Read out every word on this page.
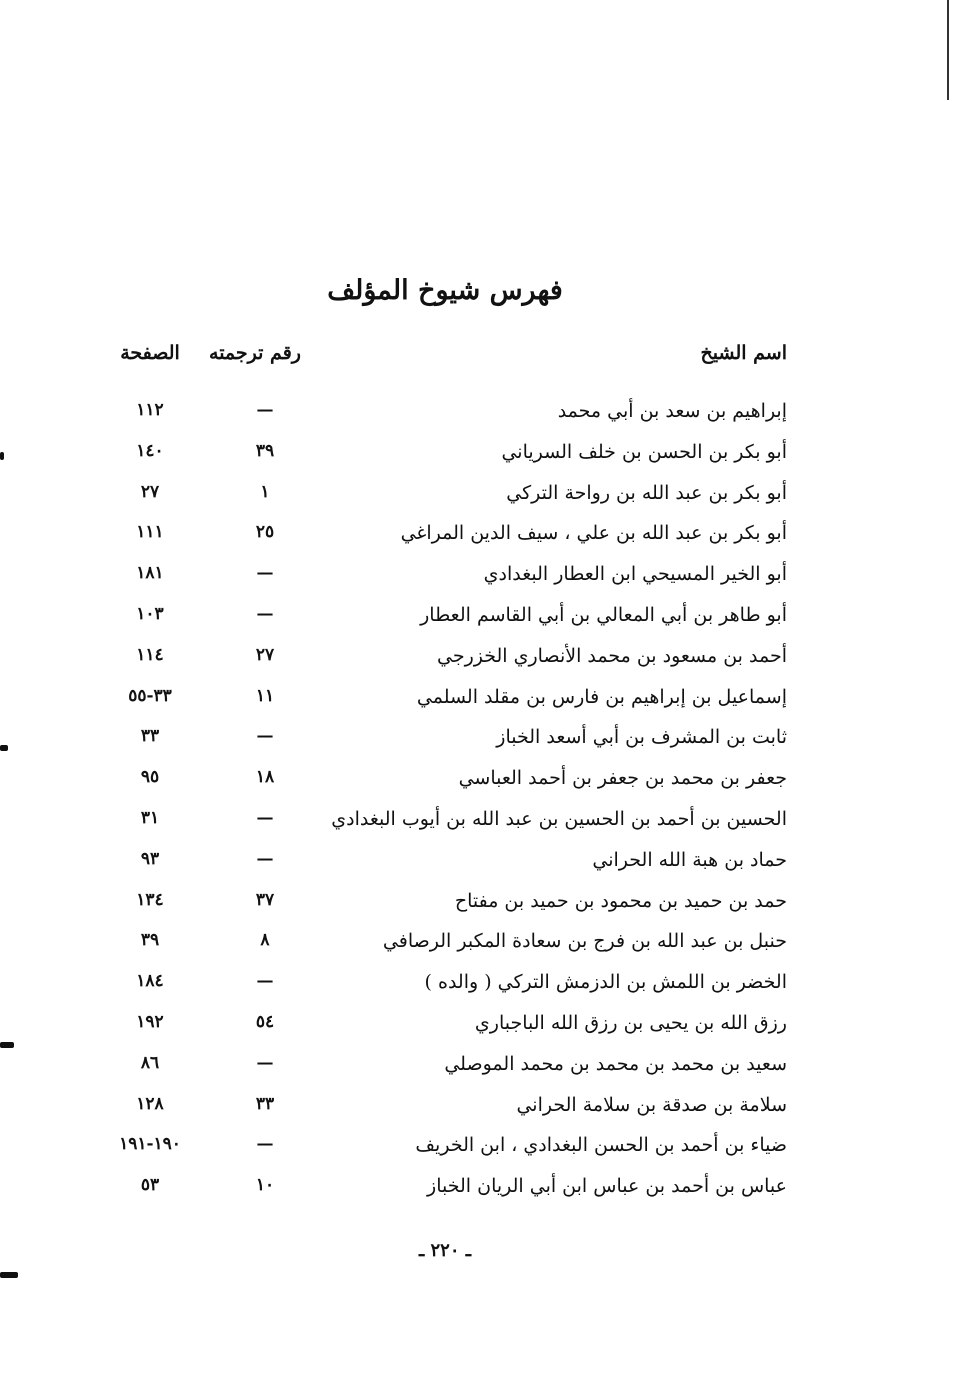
فهرس شيوخ المؤلف
اسم الشيخ
رقم ترجمته
الصفحة
إبراهيم بن سعد بن أبي محمد
—
١١٢
أبو بكر بن الحسن بن خلف السرياني
٣٩
١٤٠
أبو بكر بن عبد الله بن رواحة التركي
١
٢٧
أبو بكر بن عبد الله بن علي ، سيف الدين المراغي
٢٥
١١١
أبو الخير المسيحي ابن العطار البغدادي
—
١٨١
أبو طاهر بن أبي المعالي بن أبي القاسم العطار
—
١٠٣
أحمد بن مسعود بن محمد الأنصاري الخزرجي
٢٧
١١٤
إسماعيل بن إبراهيم بن فارس بن مقلد السلمي
١١
٣٣-٥٥
ثابت بن المشرف بن أبي أسعد الخباز
—
٣٣
جعفر بن محمد بن جعفر بن أحمد العباسي
١٨
٩٥
الحسين بن أحمد بن الحسين بن عبد الله بن أيوب البغدادي
—
٣١
حماد بن هبة الله الحراني
—
٩٣
حمد بن حميد بن محمود بن حميد بن مفتاح
٣٧
١٣٤
حنبل بن عبد الله بن فرج بن سعادة المكبر الرصافي
٨
٣٩
الخضر بن اللمش بن الدزمش التركي ( والده )
—
١٨٤
رزق الله بن يحيى بن رزق الله الباجباري
٥٤
١٩٢
سعيد بن محمد بن محمد بن محمد الموصلي
—
٨٦
سلامة بن صدقة بن سلامة الحراني
٣٣
١٢٨
ضياء بن أحمد بن الحسن البغدادي ، ابن الخريف
—
١٩٠-١٩١
عباس بن أحمد بن عباس ابن أبي الريان الخباز
١٠
٥٣
ـ ٢٢٠ ـ
